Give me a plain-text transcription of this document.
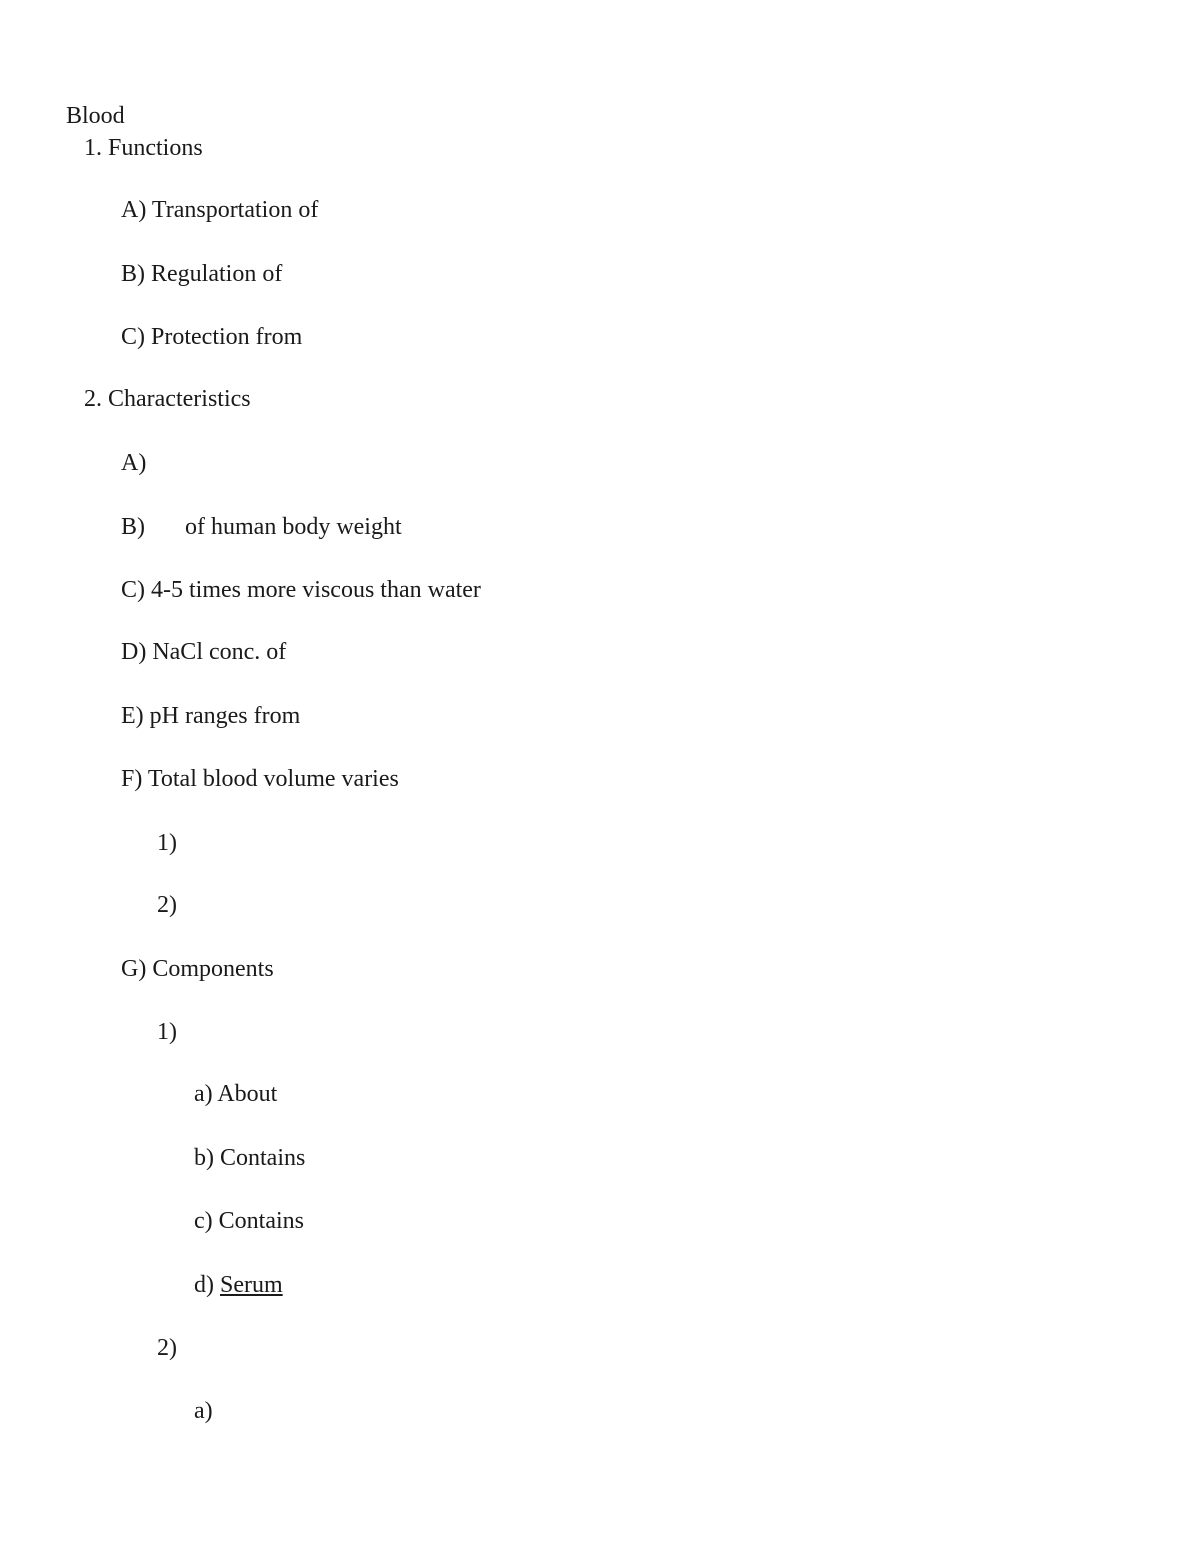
Blood
1. Functions
A) Transportation of
B) Regulation of
C) Protection from
2. Characteristics
A)
B) of human body weight
C) 4-5 times more viscous than water
D) NaCl conc. of
E) pH ranges from
F) Total blood volume varies
1)
2)
G) Components
1)
a) About
b) Contains
c) Contains
d) Serum
2)
a)
